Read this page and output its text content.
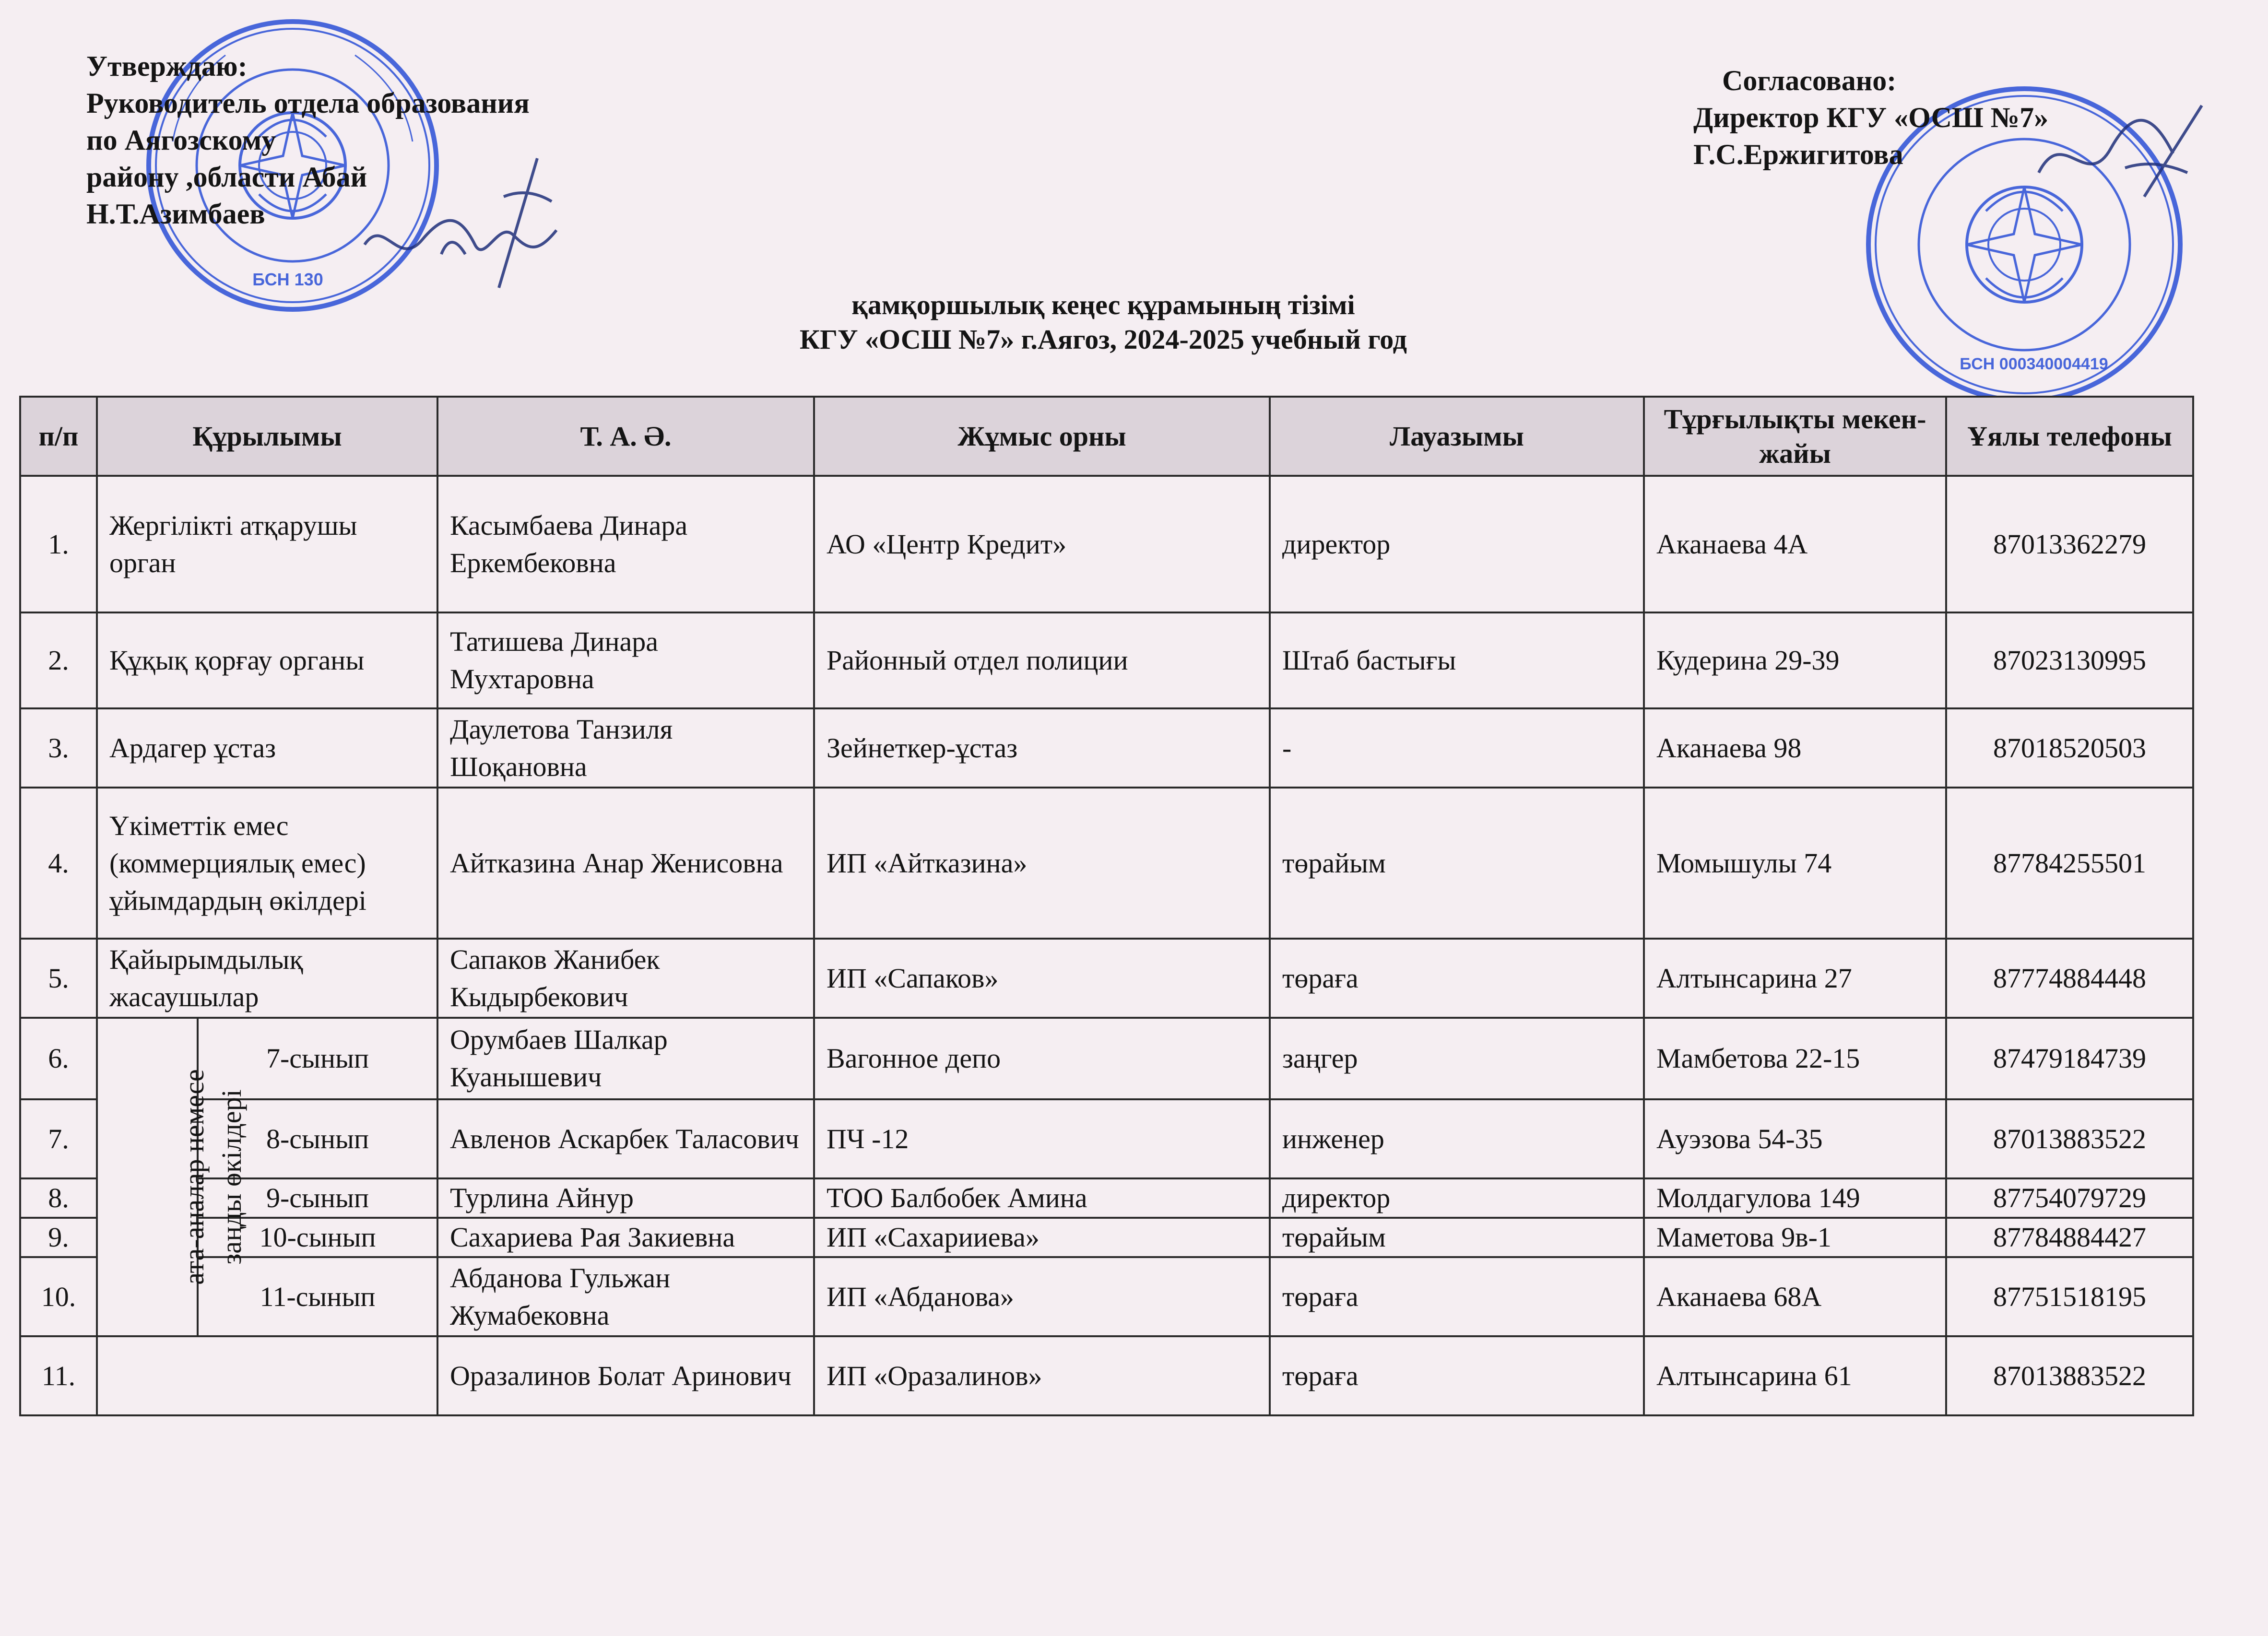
БСН 130
Утверждаю:
Руководитель отдела образования
по Аягозскому
району ,области Абай
Н.Т.Азимбаев
БСН 000340004419
Согласовано:
Директор КГУ «ОСШ №7»
Г.С.Ержигитова
қамқоршылық кеңес құрамының тізімі
КГУ «ОСШ №7» г.Аягоз, 2024-2025 учебный год
п/п	Құрылымы		Т. А. Ә.	Жұмыс орны	Лауазымы	Тұрғылықты мекен-жайы	Ұялы телефоны
1.	Жергілікті атқарушы орган		Касымбаева Динара Еркембековна	АО «Центр Кредит»	директор	Аканаева 4А	87013362279
2.	Құқық қорғау органы		Татишева Динара Мухтаровна	Районный отдел полиции	Штаб бастығы	Кудерина 29-39	87023130995
3.	Ардагер ұстаз		Даулетова Танзиля Шоқановна	Зейнеткер-ұстаз	-	Аканаева 98	87018520503
4.	Үкіметтік емес (коммерциялық емес) ұйымдардың өкілдері		Айтказина Анар Женисовна	ИП «Айтказина»	төрайым	Момышулы 74	87784255501
5.	Қайырымдылық жасаушылар		Сапаков Жанибек Кыдырбекович	ИП «Сапаков»	төраға	Алтынсарина 27	87774884448
6.	ата-аналар немесе заңды өкілдері	7-сынып	Орумбаев Шалкар Куанышевич	Вагонное депо	заңгер	Мамбетова 22-15	87479184739
7.		8-сынып	Авленов Аскарбек Таласович	ПЧ -12	инженер	Ауэзова 54-35	87013883522
8.		9-сынып	Турлина Айнур	ТОО Балбобек Амина	директор	Молдагулова 149	87754079729
9.		10-сынып	Сахариева Рая Закиевна	ИП «Сахарииева»	төрайым	Маметова 9в-1	87784884427
10.		11-сынып	Абданова Гульжан Жумабековна	ИП «Абданова»	төраға	Аканаева 68А	87751518195
11.			Оразалинов Болат Аринович	ИП «Оразалинов»	төраға	Алтынсарина 61	87013883522
